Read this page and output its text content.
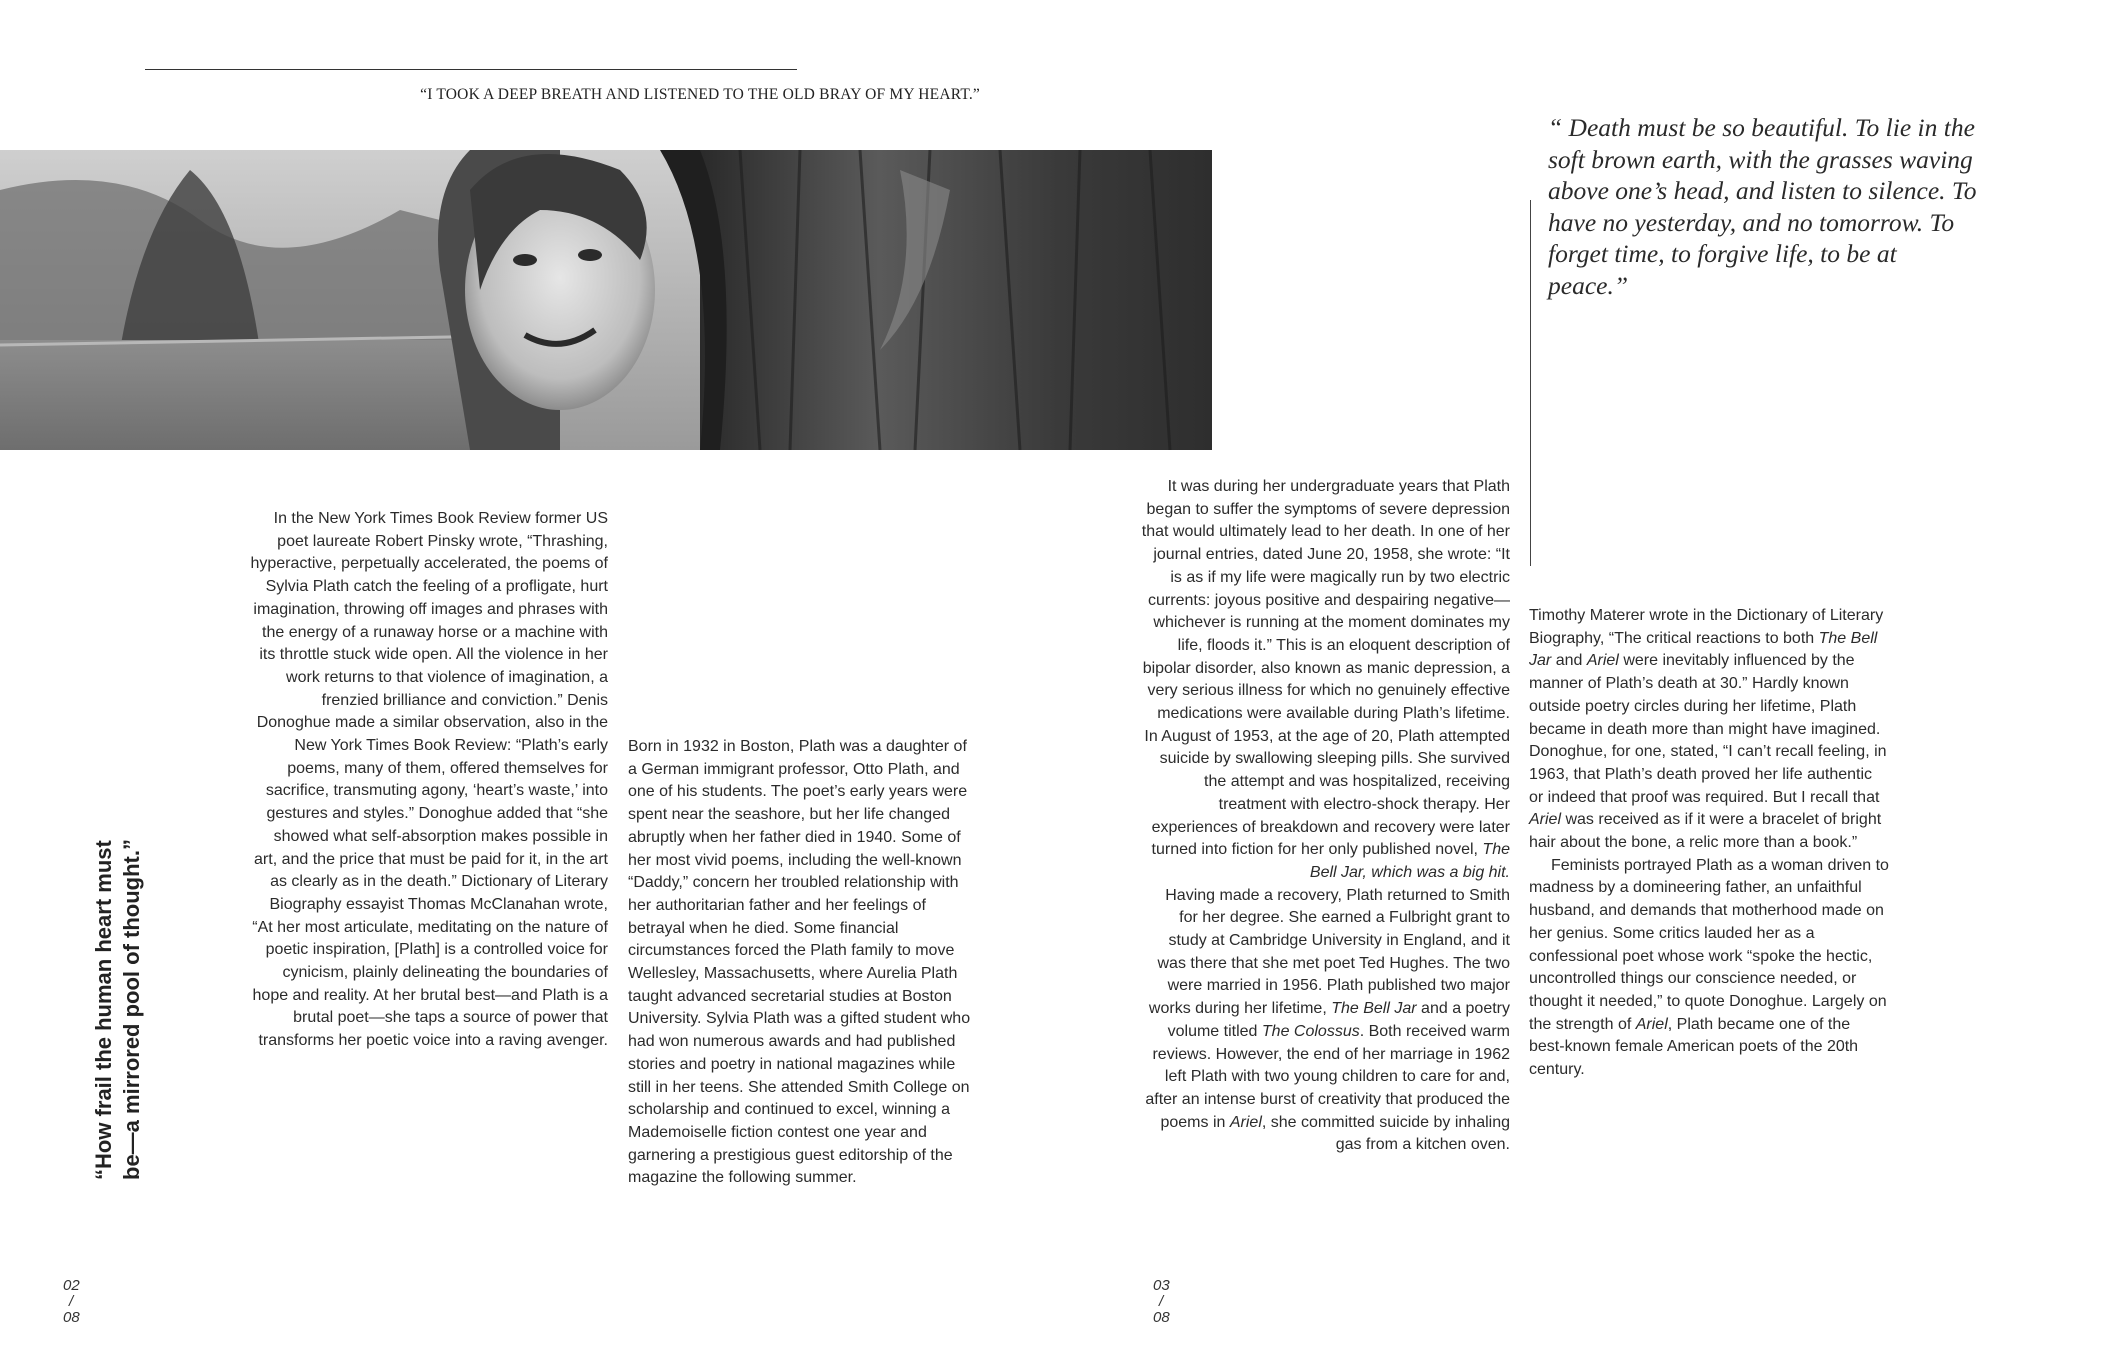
“I TOOK A DEEP BREATH AND LISTENED TO THE OLD BRAY OF MY HEART.”

In the New York Times Book Review former US poet laureate Robert Pinsky wrote, “Thrashing, hyperactive, perpetually accelerated, the poems of Sylvia Plath catch the feeling of a profligate, hurt imagination, throwing off images and phrases with the energy of a runaway horse or a machine with its throttle stuck wide open. All the violence in her work returns to that violence of imagination, a frenzied brilliance and conviction.” Denis Donoghue made a similar observation, also in the New York Times Book Review: “Plath’s early poems, many of them, offered themselves for sacrifice, transmuting agony, ‘heart’s waste,’ into gestures and styles.” Donoghue added that “she showed what self-absorption makes possible in art, and the price that must be paid for it, in the art as clearly as in the death.” Dictionary of Literary Biography essayist Thomas McClanahan wrote, “At her most articulate, meditating on the nature of poetic inspiration, [Plath] is a controlled voice for cynicism, plainly delineating the boundaries of hope and reality. At her brutal best—and Plath is a brutal poet—she taps a source of power that transforms her poetic voice into a raving avenger.

Born in 1932 in Boston, Plath was a daughter of a German immigrant professor, Otto Plath, and one of his students. The poet’s early years were spent near the seashore, but her life changed abruptly when her father died in 1940. Some of her most vivid poems, including the well-known “Daddy,” concern her troubled relationship with her authoritarian father and her feelings of betrayal when he died. Some financial circumstances forced the Plath family to move Wellesley, Massachusetts, where Aurelia Plath taught advanced secretarial studies at Boston University. Sylvia Plath was a gifted student who had won numerous awards and had published stories and poetry in national magazines while still in her teens. She attended Smith College on scholarship and continued to excel, winning a Mademoiselle fiction contest one year and garnering a prestigious guest editorship of the magazine the following summer.

It was during her undergraduate years that Plath began to suffer the symptoms of severe depression that would ultimately lead to her death. In one of her journal entries, dated June 20, 1958, she wrote: “It is as if my life were magically run by two electric currents: joyous positive and despairing negative—whichever is running at the moment dominates my life, floods it.” This is an eloquent description of bipolar disorder, also known as manic depression, a very serious illness for which no genuinely effective medications were available during Plath’s lifetime. In August of 1953, at the age of 20, Plath attempted suicide by swallowing sleeping pills. She survived the attempt and was hospitalized, receiving treatment with electro-shock therapy. Her experiences of breakdown and recovery were later turned into fiction for her only published novel, The Bell Jar, which was a big hit.

Having made a recovery, Plath returned to Smith for her degree. She earned a Fulbright grant to study at Cambridge University in England, and it was there that she met poet Ted Hughes. The two were married in 1956. Plath published two major works during her lifetime, The Bell Jar and a poetry volume titled The Colossus. Both received warm reviews. However, the end of her marriage in 1962 left Plath with two young children to care for and, after an intense burst of creativity that produced the poems in Ariel, she committed suicide by inhaling gas from a kitchen oven.

Timothy Materer wrote in the Dictionary of Literary Biography, “The critical reactions to both The Bell Jar and Ariel were inevitably influenced by the manner of Plath’s death at 30.” Hardly known outside poetry circles during her lifetime, Plath became in death more than might have imagined. Donoghue, for one, stated, “I can’t recall feeling, in 1963, that Plath’s death proved her life authentic or indeed that proof was required. But I recall that Ariel was received as if it were a bracelet of bright hair about the bone, a relic more than a book.”

Feminists portrayed Plath as a woman driven to madness by a domineering father, an unfaithful husband, and demands that motherhood made on her genius. Some critics lauded her as a confessional poet whose work “spoke the hectic, uncontrolled things our conscience needed, or thought it needed,” to quote Donoghue. Largely on the strength of Ariel, Plath became one of the best-known female American poets of the 20th century.

“How frail the human heart must be—a mirrored pool of thought.”
“ Death must be so beautiful. To lie in the soft brown earth, with the grasses waving above one’s head, and listen to silence. To have no yesterday, and no tomorrow. To forget time, to forgive life, to be at peace.”
02
/
08
03
/
08
